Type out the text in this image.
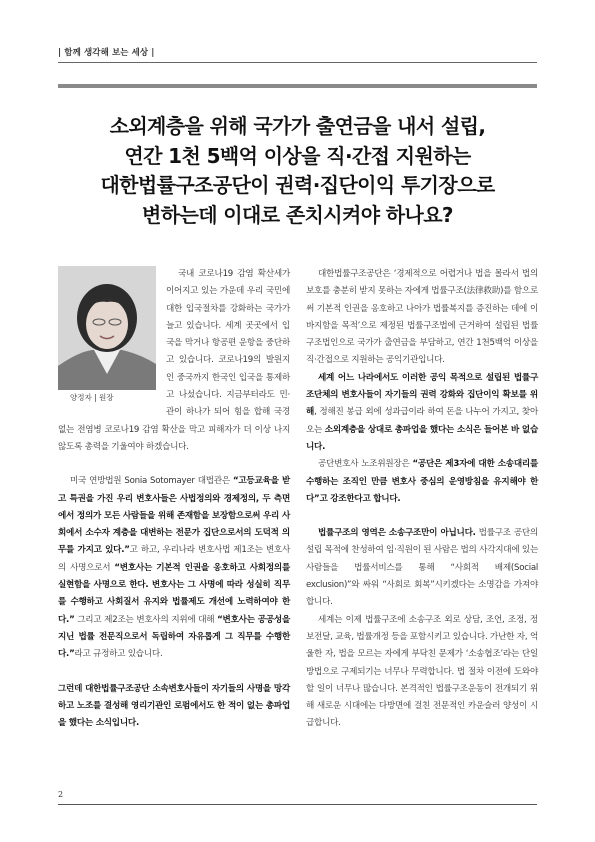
| 함께 생각해 보는 세상 |
소외계층을 위해 국가가 출연금을 내서 설립,
연간 1천 5백억 이상을 직·간접 지원하는
대한법률구조공단이 권력·집단이익 투기장으로
변하는데 이대로 존치시켜야 하나요?
양정자 | 원장

국내 코로나19 감염 확산세가 이어지고 있는 가운데 우리 국민에 대한 입국절차를 강화하는 국가가 늘고 있습니다. 세계 곳곳에서 입국을 막거나 항공편 운항을 중단하고 있습니다. 코로나19의 발원지인 중국까지 한국인 입국을 통제하고 나섰습니다. 지금부터라도 민·관이 하나가 되어 힘을 합해 국경 없는 전염병 코로나19 감염 확산을 막고 피해자가 더 이상 나지 않도록 총력을 기울여야 하겠습니다.

미국 연방법원 Sonia Sotomayer 대법관은 “고등교육을 받고 특권을 가진 우리 변호사들은 사법정의와 경제정의, 두 측면에서 정의가 모든 사람들을 위해 존재함을 보장함으로써 우리 사회에서 소수자 계층을 대변하는 전문가 집단으로서의 도덕적 의무를 가지고 있다.”고 하고, 우리나라 변호사법 제1조는 변호사의 사명으로서 “변호사는 기본적 인권을 옹호하고 사회정의를 실현함을 사명으로 한다. 변호사는 그 사명에 따라 성실히 직무를 수행하고 사회질서 유지와 법률제도 개선에 노력하여야 한다.” 그리고 제2조는 변호사의 지위에 대해 “변호사는 공공성을 지닌 법률 전문직으로서 독립하여 자유롭게 그 직무를 수행한다.”라고 규정하고 있습니다.

그런데 대한법률구조공단 소속변호사들이 자기들의 사명을 망각하고 노조를 결성해 영리기관인 로펌에서도 한 적이 없는 총파업을 했다는 소식입니다.

대한법률구조공단은 ‘경제적으로 어렵거나 법을 몰라서 법의 보호를 충분히 받지 못하는 자에게 법률구조(法律救助)를 함으로써 기본적 인권을 옹호하고 나아가 법률복지를 증진하는 데에 이바지함을 목적’으로 제정된 법률구조법에 근거하여 설립된 법률구조법인으로 국가가 출연금을 부담하고, 연간 1천5백억 이상을 직·간접으로 지원하는 공익기관입니다.

세계 어느 나라에서도 이러한 공익 목적으로 설립된 법률구조단체의 변호사들이 자기들의 권력 강화와 집단이익 확보를 위해, 정해진 봉급 외에 성과급이라 하여 돈을 나누어 가지고, 찾아오는 소외계층을 상대로 총파업을 했다는 소식은 들어본 바 없습니다.

공단변호사 노조위원장은 “공단은 제3자에 대한 소송대리를 수행하는 조직인 만큼 변호사 중심의 운영방침을 유지해야 한다”고 강조한다고 합니다.

법률구조의 영역은 소송구조만이 아닙니다. 법률구조 공단의 설립 목적에 찬성하여 임·직원이 된 사람은 법의 사각지대에 있는 사람들을 법률서비스를 통해 “사회적 배제(Social exclusion)”와 싸워 “사회로 회복”시키겠다는 소명감을 가져야 합니다.

세계는 이제 법률구조에 소송구조 외로 상담, 조언, 조정, 정보전달, 교육, 법률개정 등을 포함시키고 있습니다. 가난한 자, 억울한 자, 법을 모르는 자에게 부닥친 문제가 ‘소송협조’라는 단일방법으로 구제되기는 너무나 무력합니다. 법 절차 이전에 도와야 할 일이 너무나 많습니다. 본격적인 법률구조운동이 전개되기 위해 새로운 시대에는 다방면에 걸친 전문적인 카운슬러 양성이 시급합니다.

2
